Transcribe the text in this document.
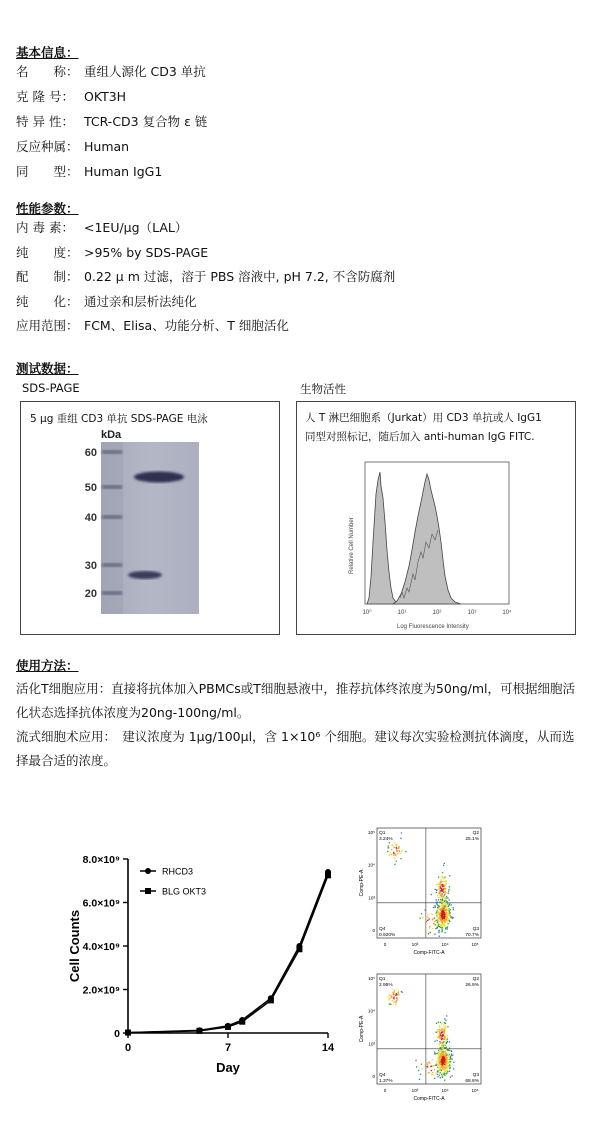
基本信息：
名　　称： 重组人源化 CD3 单抗
克 隆 号： OKT3H
特 异 性： TCR-CD3 复合物 ε 链
反应种属： Human
同　　型： Human IgG1
性能参数：
内 毒 素： <1EU/µg（LAL）
纯　　度： >95% by SDS-PAGE
配　　制： 0.22 μ m 过滤，溶于 PBS 溶液中, pH 7.2, 不含防腐剂
纯　　化： 通过亲和层析法纯化
应用范围： FCM、Elisa、功能分析、T 细胞活化
测试数据：
SDS-PAGE	生物活性
5 µg 重组 CD3 单抗 SDS-PAGE 电泳
kDa
60
50
40
30
20
人 T 淋巴细胞系（Jurkat）用 CD3 单抗或人 IgG1
同型对照标记，随后加入 anti-human IgG FITC.
Relative Cell Number
Log Fluorescence Intensity
10⁰	10¹	10²	10³	10⁴
使用方法：
活化T细胞应用：直接将抗体加入PBMCs或T细胞悬液中，推荐抗体终浓度为50ng/ml，可根据细胞活化状态选择抗体浓度为20ng-100ng/ml。
流式细胞术应用：　建议浓度为 1µg/100µl，含 1×10⁶ 个细胞。建议每次实验检测抗体滴度，从而选择最合适的浓度。
0
2.0×10⁹
4.0×10⁹
6.0×10⁹
8.0×10⁹
0	7	14
Day
Cell Counts
RHCD3
BLG OKT3
Q1
3.24%
Q2
25.1%
Q4
0.920%
Q3
70.7%
0
0
10³
10³
10⁴
10⁴
10⁵
10⁵
Comp-FITC-A
Comp-PE-A
Q1
2.95%
Q2
26.9%
Q4
1.37%
Q3
68.8%
0
0
10³
10³
10⁴
10⁴
10⁵
10⁵
Comp-FITC-A
Comp-PE-A
